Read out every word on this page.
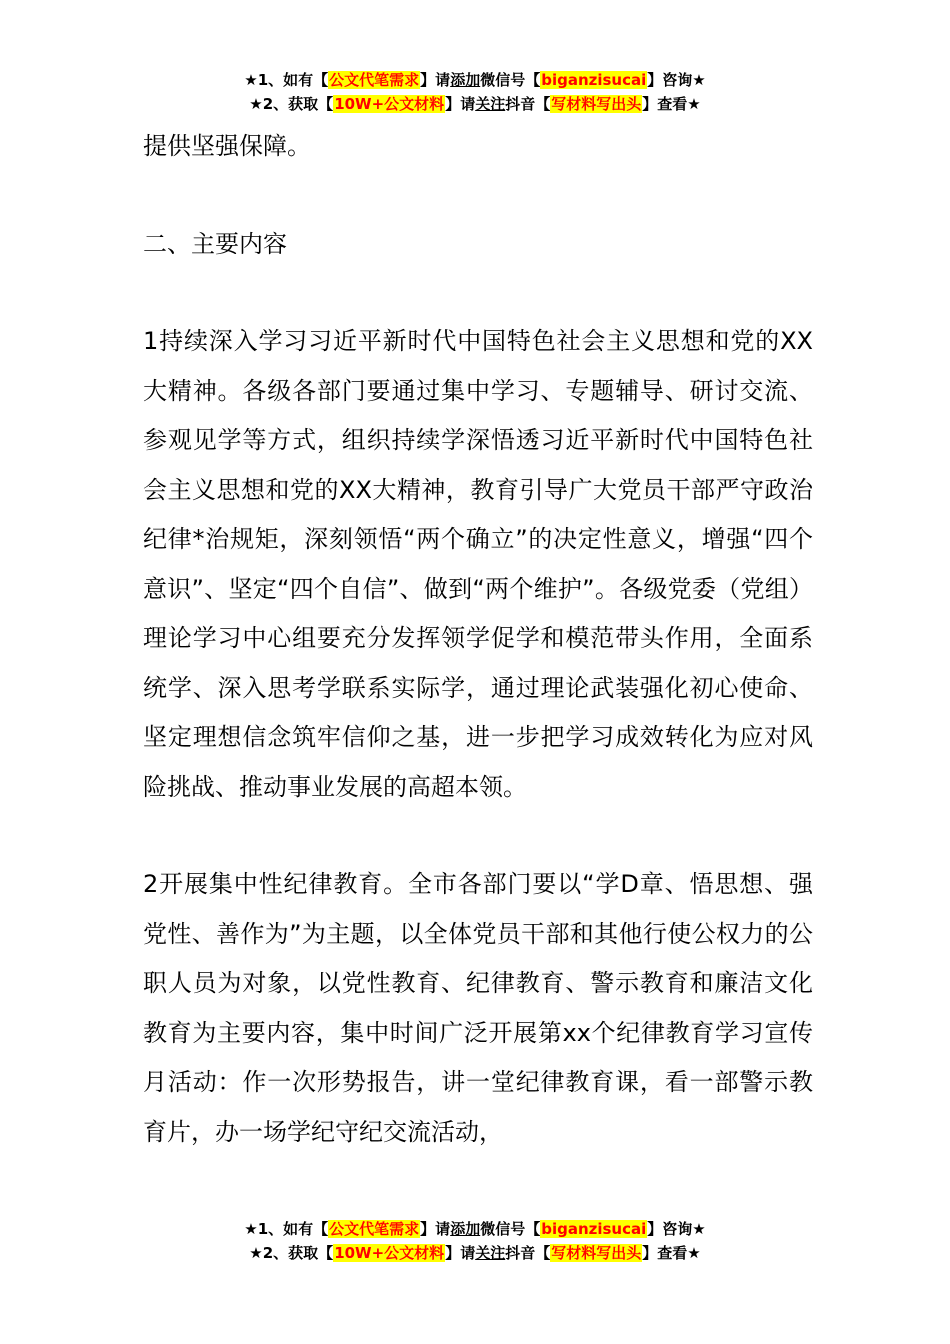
★1、如有【公文代笔需求】请添加微信号【biganzisucai】咨询★
★2、获取【10W+公文材料】请关注抖音【写材料写出头】查看★

提供坚强保障。

二、主要内容

1持续深入学习习近平新时代中国特色社会主义思想和党的XX大精神。各级各部门要通过集中学习、专题辅导、研讨交流、参观见学等方式，组织持续学深悟透习近平新时代中国特色社会主义思想和党的XX大精神，教育引导广大党员干部严守政治纪律*治规矩，深刻领悟“两个确立”的决定性意义，增强“四个意识”、坚定“四个自信”、做到“两个维护”。各级党委（党组）理论学习中心组要充分发挥领学促学和模范带头作用，全面系统学、深入思考学联系实际学，通过理论武装强化初心使命、坚定理想信念筑牢信仰之基，进一步把学习成效转化为应对风险挑战、推动事业发展的高超本领。

2开展集中性纪律教育。全市各部门要以“学D章、悟思想、强党性、善作为”为主题，以全体党员干部和其他行使公权力的公职人员为对象，以党性教育、纪律教育、警示教育和廉洁文化教育为主要内容，集中时间广泛开展第xx个纪律教育学习宣传月活动：作一次形势报告，讲一堂纪律教育课，看一部警示教育片，办一场学纪守纪交流活动，

★1、如有【公文代笔需求】请添加微信号【biganzisucai】咨询★
★2、获取【10W+公文材料】请关注抖音【写材料写出头】查看★
